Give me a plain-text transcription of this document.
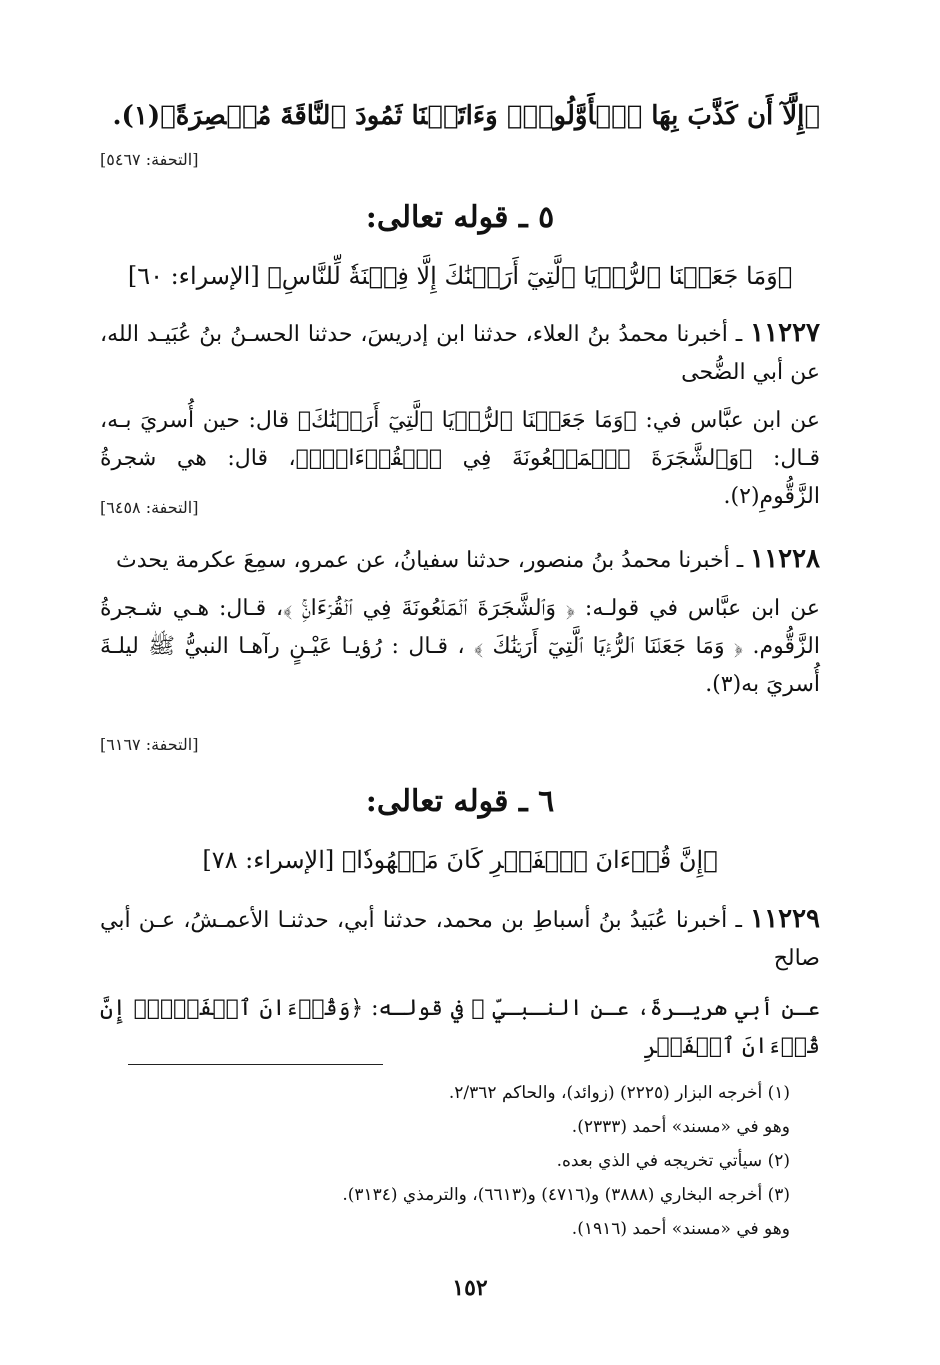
﴿إِلَّآ أَن كَذَّبَ بِهَا ٱلۡأَوَّلُونَۚ وَءَاتَيۡنَا ثَمُودَ ٱلنَّاقَةَ مُبۡصِرَةً﴾(١).

[التحفة: ٥٤٦٧]

٥ ـ قوله تعالى:

﴿وَمَا جَعَلۡنَا ٱلرُّءۡيَا ٱلَّتِيٓ أَرَيۡنَٰكَ إِلَّا فِتۡنَةٗ لِّلنَّاسِ﴾ [الإسراء: ٦٠]

١١٢٢٧ ـ أخبرنا محمدُ بنُ العلاء، حدثنا ابن إدريسَ، حدثنا الحسـنُ بنُ عُبَيـد الله، عن أبي الضُّحى
عن ابن عبَّاس في: ﴿وَمَا جَعَلۡنَا ٱلرُّءۡيَا ٱلَّتِيٓ أَرَيۡنَٰكَ﴾ قال: حين أُسريَ بـه، قـال: ﴿وَٱلشَّجَرَةَ ٱلۡمَلۡعُونَةَ فِي ٱلۡقُرۡءَانِۚ﴾، قال: هي شجرةُ الزَّقُّومِ(٢).

[التحفة: ٦٤٥٨]

١١٢٢٨ ـ أخبرنا محمدُ بنُ منصور، حدثنا سفيانُ، عن عمرو، سمِعَ عكرمة يحدث
عن ابن عبَّاس في قولـه: ﴿ وَٱلشَّجَرَةَ ٱلۡمَلۡعُونَةَ فِي ٱلۡقُرۡءَانِۚ ﴾، قـال: هـي شـجرةُ الزَّقُّوم. ﴿ وَمَا جَعَلۡنَا ٱلرُّءۡيَا ٱلَّتِيٓ أَرَيۡنَٰكَ ﴾ ، قـال : رُؤيـا عَيْـنٍ رآهـا النبيُّ ﷺ ليلـةَ أُسريَ به(٣).

[التحفة: ٦١٦٧]

٦ ـ قوله تعالى:

﴿إِنَّ قُرۡءَانَ ٱلۡفَجۡرِ كَانَ مَشۡهُودٗا﴾ [الإسراء: ٧٨]

١١٢٢٩ ـ أخبرنا عُبَيدُ بنُ أسباطِ بن محمد، حدثنا أبي، حدثنـا الأعمـشُ، عـن أبي صالح
عـن أبي هريـرةَ، عـن النـبـيِّ ﷺ في قولـه: ﴿وَقُرۡءَانَ ٱلۡفَجۡرِۖ إِنَّ قُرۡءَانَ ٱلۡفَجۡرِ
(١) أخرجه البزار (٢٢٢٥) (زوائد)، والحاكم ٢/٣٦٢.
وهو في «مسند» أحمد (٢٣٣٣).
(٢) سيأتي تخريجه في الذي بعده.
(٣) أخرجه البخاري (٣٨٨٨) و(٤٧١٦) و(٦٦١٣)، والترمذي (٣١٣٤).
وهو في «مسند» أحمد (١٩١٦).
١٥٢
